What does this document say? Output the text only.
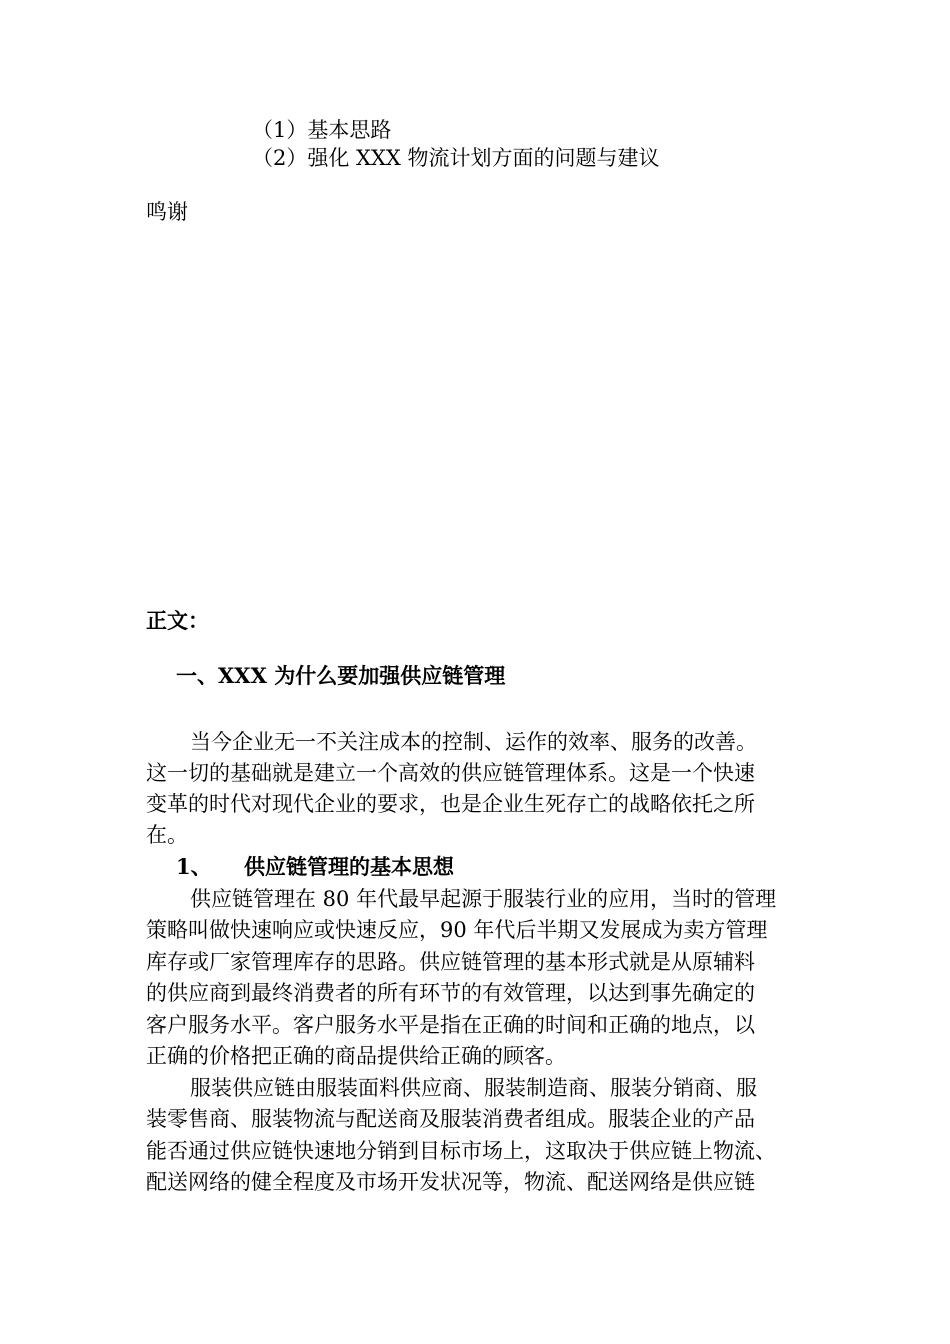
（1）基本思路
（2）强化 XXX 物流计划方面的问题与建议
鸣谢
正文：
一、XXX 为什么要加强供应链管理
当今企业无一不关注成本的控制、运作的效率、服务的改善。
这一切的基础就是建立一个高效的供应链管理体系。这是一个快速
变革的时代对现代企业的要求，也是企业生死存亡的战略依托之所
在。
1、 供应链管理的基本思想
供应链管理在 80 年代最早起源于服装行业的应用，当时的管理
策略叫做快速响应或快速反应，90 年代后半期又发展成为卖方管理
库存或厂家管理库存的思路。供应链管理的基本形式就是从原辅料
的供应商到最终消费者的所有环节的有效管理，以达到事先确定的
客户服务水平。客户服务水平是指在正确的时间和正确的地点，以
正确的价格把正确的商品提供给正确的顾客。
服装供应链由服装面料供应商、服装制造商、服装分销商、服
装零售商、服装物流与配送商及服装消费者组成。服装企业的产品
能否通过供应链快速地分销到目标市场上，这取决于供应链上物流、
配送网络的健全程度及市场开发状况等，物流、配送网络是供应链
